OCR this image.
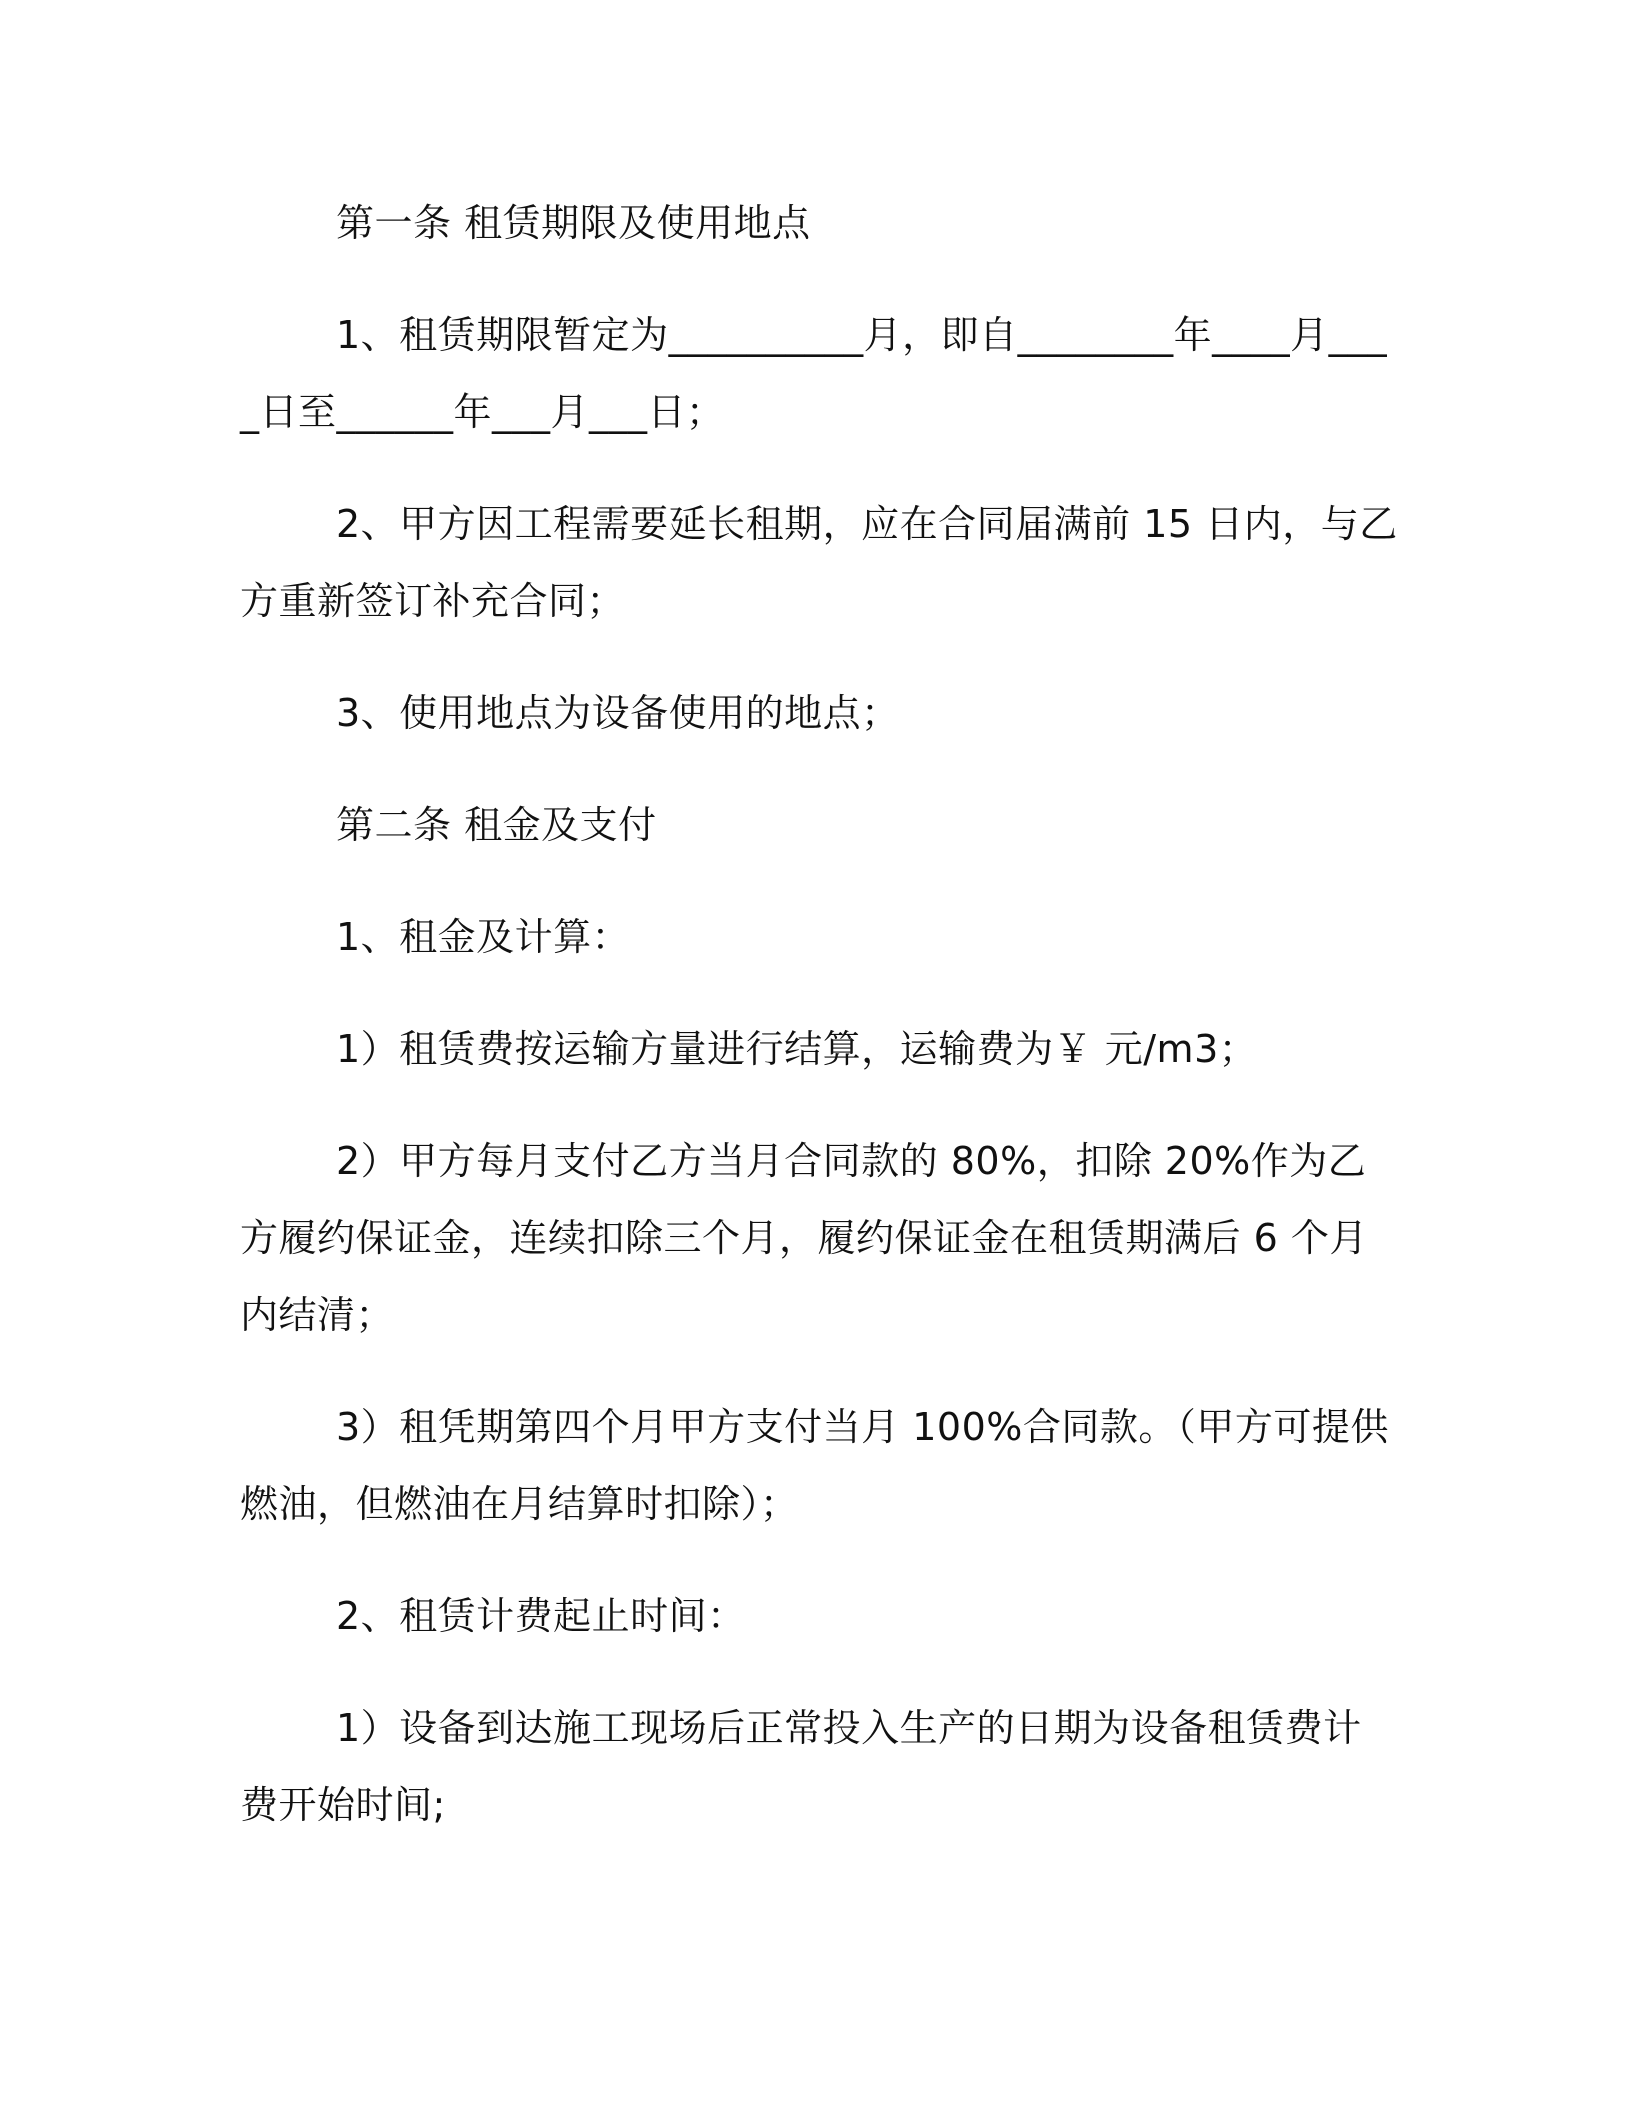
第一条 租赁期限及使用地点

1、租赁期限暂定为__________月，即自________年____月____日至______年___月___日；

2、甲方因工程需要延长租期，应在合同届满前 15 日内，与乙方重新签订补充合同；

3、使用地点为设备使用的地点；

第二条 租金及支付

1、租金及计算：

1）租赁费按运输方量进行结算，运输费为￥ 元/m3；

2）甲方每月支付乙方当月合同款的 80%，扣除 20%作为乙方履约保证金，连续扣除三个月，履约保证金在租赁期满后 6 个月内结清；

3）租凭期第四个月甲方支付当月 100%合同款。（甲方可提供燃油，但燃油在月结算时扣除）；

2、租赁计费起止时间：

1）设备到达施工现场后正常投入生产的日期为设备租赁费计费开始时间;
